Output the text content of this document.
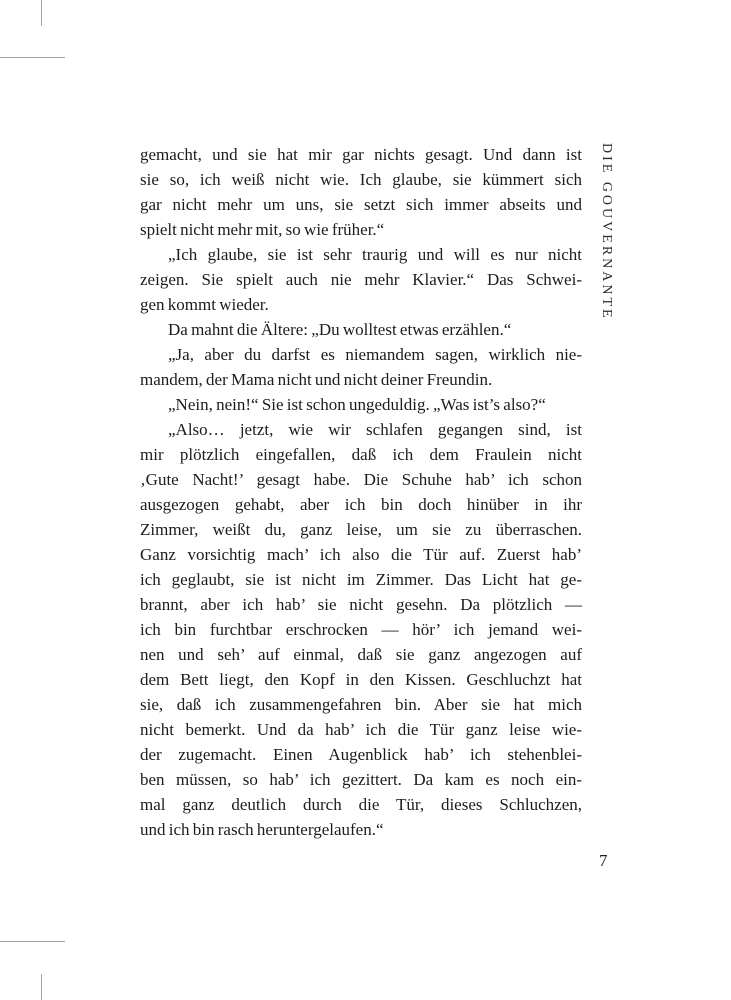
gemacht, und sie hat mir gar nichts gesagt. Und dann ist
sie so, ich weiß nicht wie. Ich glaube, sie kümmert sich
gar nicht mehr um uns, sie setzt sich immer abseits und
spielt nicht mehr mit, so wie früher.“
„Ich glaube, sie ist sehr traurig und will es nur nicht
zeigen. Sie spielt auch nie mehr Klavier.“ Das Schwei-
gen kommt wieder.
Da mahnt die Ältere: „Du wolltest etwas erzählen.“
„Ja, aber du darfst es niemandem sagen, wirklich nie-
mandem, der Mama nicht und nicht deiner Freundin.
„Nein, nein!“ Sie ist schon ungeduldig. „Was ist’s also?“
„Also… jetzt, wie wir schlafen gegangen sind, ist
mir plötzlich eingefallen, daß ich dem Fraulein nicht
‚Gute Nacht!’ gesagt habe. Die Schuhe hab’ ich schon
ausgezogen gehabt, aber ich bin doch hinüber in ihr
Zimmer, weißt du, ganz leise, um sie zu überraschen.
Ganz vorsichtig mach’ ich also die Tür auf. Zuerst hab’
ich geglaubt, sie ist nicht im Zimmer. Das Licht hat ge-
brannt, aber ich hab’ sie nicht gesehn. Da plötzlich —
ich bin furchtbar erschrocken — hör’ ich jemand wei-
nen und seh’ auf einmal, daß sie ganz angezogen auf
dem Bett liegt, den Kopf in den Kissen. Geschluchzt hat
sie, daß ich zusammengefahren bin. Aber sie hat mich
nicht bemerkt. Und da hab’ ich die Tür ganz leise wie-
der zugemacht. Einen Augenblick hab’ ich stehenblei-
ben müssen, so hab’ ich gezittert. Da kam es noch ein-
mal ganz deutlich durch die Tür, dieses Schluchzen,
und ich bin rasch heruntergelaufen.“
DIE GOUVERNANTE
7
